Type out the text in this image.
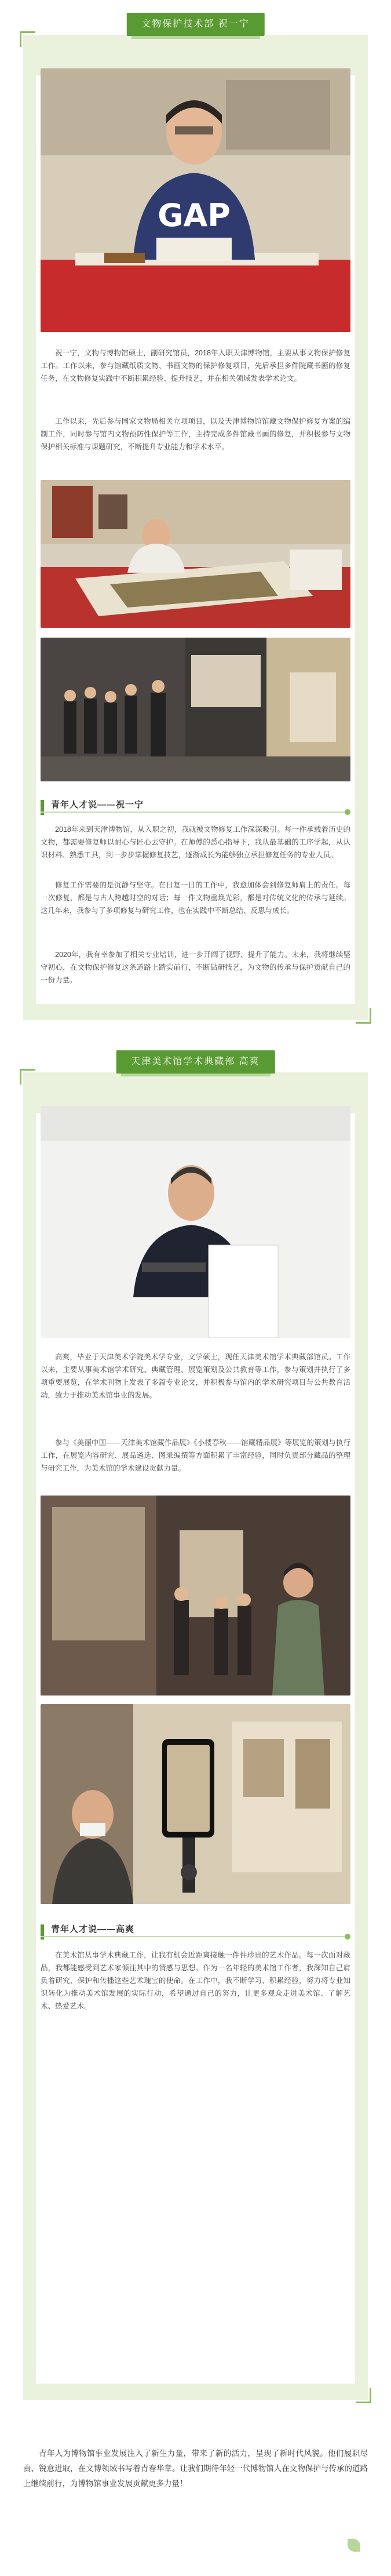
文物保护技术部 祝一宁
GAP

祝一宁，文物与博物馆硕士，副研究馆员，2018年入职天津博物馆，主要从事文物保护修复工作。工作以来，参与馆藏纸质文物、书画文物的保护修复项目，先后承担多件院藏书画的修复任务，在文物修复实践中不断积累经验、提升技艺，并在相关领域发表学术论文。

工作以来，先后参与国家文物局相关立项项目，以及天津博物馆馆藏文物保护修复方案的编制工作，同时参与馆内文物预防性保护等工作，主持完成多件馆藏书画的修复，并积极参与文物保护相关标准与课题研究，不断提升专业能力和学术水平。

青年人才说——祝一宁

2018年来到天津博物馆，从入职之初，我就被文物修复工作深深吸引。每一件承载着历史的文物，都需要修复师以耐心与匠心去守护。在师傅的悉心指导下，我从最基础的工序学起，从认识材料、熟悉工具，到一步步掌握修复技艺，逐渐成长为能够独立承担修复任务的专业人员。

修复工作需要的是沉静与坚守。在日复一日的工作中，我愈加体会到修复师肩上的责任。每一次修复，都是与古人跨越时空的对话；每一件文物重焕光彩，都是对传统文化的传承与延续。这几年来，我参与了多项修复与研究工作，也在实践中不断总结、反思与成长。

2020年，我有幸参加了相关专业培训，进一步开阔了视野、提升了能力。未来，我将继续坚守初心，在文物保护修复这条道路上踏实前行，不断钻研技艺，为文物的传承与保护贡献自己的一份力量。

天津美术馆学术典藏部 高爽

高爽，毕业于天津美术学院美术学专业，文学硕士，现任天津美术馆学术典藏部馆员。工作以来，主要从事美术馆学术研究、典藏管理、展览策划及公共教育等工作，参与策划并执行了多项重要展览，在学术刊物上发表了多篇专业论文，并积极参与馆内的学术研究项目与公共教育活动，致力于推动美术馆事业的发展。

参与《美丽中国——天津美术馆藏作品展》《小楼春秋——馆藏精品展》等展览的策划与执行工作，在展览内容研究、展品遴选、图录编撰等方面积累了丰富经验，同时负责部分藏品的整理与研究工作，为美术馆的学术建设贡献力量。

青年人才说——高爽

在美术馆从事学术典藏工作，让我有机会近距离接触一件件珍贵的艺术作品。每一次面对藏品，我都能感受到艺术家倾注其中的情感与思想。作为一名年轻的美术馆工作者，我深知自己肩负着研究、保护和传播这些艺术瑰宝的使命。在工作中，我不断学习、积累经验，努力将专业知识转化为推动美术馆发展的实际行动，希望通过自己的努力，让更多观众走进美术馆、了解艺术、热爱艺术。

青年人为博物馆事业发展注入了新生力量，带来了新的活力，呈现了新时代风貌。他们履职尽责、锐意进取，在文博领域书写着青春华章。让我们期待年轻一代博物馆人在文物保护与传承的道路上继续前行，为博物馆事业发展贡献更多力量！
